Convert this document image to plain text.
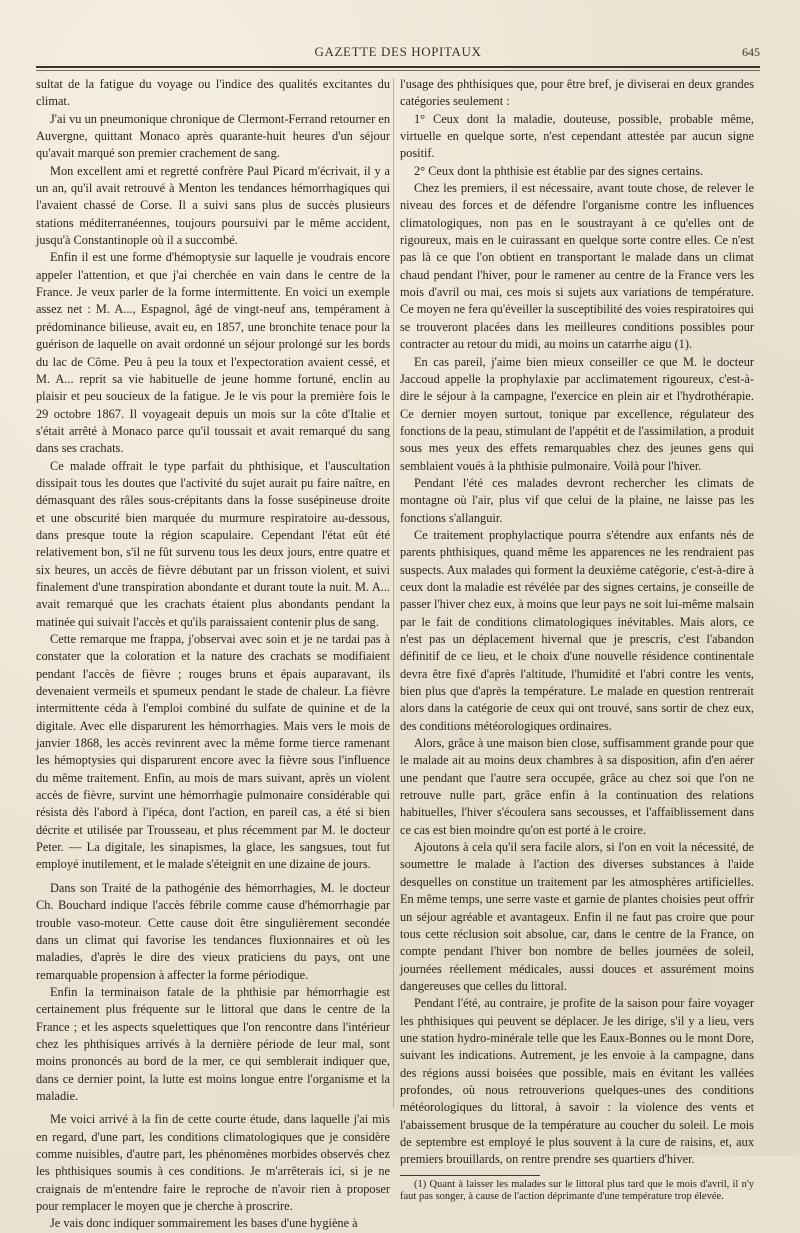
GAZETTE DES HOPITAUX	645

sultat de la fatigue du voyage ou l'indice des qualités excitantes du climat.

J'ai vu un pneumonique chronique de Clermont-Ferrand retourner en Auvergne, quittant Monaco après quarante-huit heures d'un séjour qu'avait marqué son premier crachement de sang.

Mon excellent ami et regretté confrère Paul Picard m'écrivait, il y a un an, qu'il avait retrouvé à Menton les tendances hémorrhagiques qui l'avaient chassé de Corse. Il a suivi sans plus de succès plusieurs stations méditerranéennes, toujours poursuivi par le même accident, jusqu'à Constantinople où il a succombé.

Enfin il est une forme d'hémoptysie sur laquelle je voudrais encore appeler l'attention, et que j'ai cherchée en vain dans le centre de la France. Je veux parler de la forme intermittente. En voici un exemple assez net : M. A..., Espagnol, âgé de vingt-neuf ans, tempérament à prédominance bilieuse, avait eu, en 1857, une bronchite tenace pour la guérison de laquelle on avait ordonné un séjour prolongé sur les bords du lac de Côme. Peu à peu la toux et l'expectoration avaient cessé, et M. A... reprit sa vie habituelle de jeune homme fortuné, enclin au plaisir et peu soucieux de la fatigue. Je le vis pour la première fois le 29 octobre 1867. Il voyageait depuis un mois sur la côte d'Italie et s'était arrêté à Monaco parce qu'il toussait et avait remarqué du sang dans ses crachats.

Ce malade offrait le type parfait du phthisique, et l'auscultation dissipait tous les doutes que l'activité du sujet aurait pu faire naître, en démasquant des râles sous-crépitants dans la fosse susépineuse droite et une obscurité bien marquée du murmure respiratoire au-dessous, dans presque toute la région scapulaire. Cependant l'état eût été relativement bon, s'il ne fût survenu tous les deux jours, entre quatre et six heures, un accès de fièvre débutant par un frisson violent, et suivi finalement d'une transpiration abondante et durant toute la nuit. M. A... avait remarqué que les crachats étaient plus abondants pendant la matinée qui suivait l'accès et qu'ils paraissaient contenir plus de sang.

Cette remarque me frappa, j'observai avec soin et je ne tardai pas à constater que la coloration et la nature des crachats se modifiaient pendant l'accès de fièvre ; rouges bruns et épais auparavant, ils devenaient vermeils et spumeux pendant le stade de chaleur. La fièvre intermittente céda à l'emploi combiné du sulfate de quinine et de la digitale. Avec elle disparurent les hémorrhagies. Mais vers le mois de janvier 1868, les accès revinrent avec la même forme tierce ramenant les hémoptysies qui disparurent encore avec la fièvre sous l'influence du même traitement. Enfin, au mois de mars suivant, après un violent accès de fièvre, survint une hémorrhagie pulmonaire considérable qui résista dès l'abord à l'ipéca, dont l'action, en pareil cas, a été si bien décrite et utilisée par Trousseau, et plus récemment par M. le docteur Peter. — La digitale, les sinapismes, la glace, les sangsues, tout fut employé inutilement, et le malade s'éteignit en une dizaine de jours.

Dans son Traité de la pathogénie des hémorrhagies, M. le docteur Ch. Bouchard indique l'accès fébrile comme cause d'hémorrhagie par trouble vaso-moteur. Cette cause doit être singulièrement secondée dans un climat qui favorise les tendances fluxionnaires et où les maladies, d'après le dire des vieux praticiens du pays, ont une remarquable propension à affecter la forme périodique.

Enfin la terminaison fatale de la phthisie par hémorrhagie est certainement plus fréquente sur le littoral que dans le centre de la France ; et les aspects squelettiques que l'on rencontre dans l'intérieur chez les phthisiques arrivés à la dernière période de leur mal, sont moins prononcés au bord de la mer, ce qui semblerait indiquer que, dans ce dernier point, la lutte est moins longue entre l'organisme et la maladie.

Me voici arrivé à la fin de cette courte étude, dans laquelle j'ai mis en regard, d'une part, les conditions climatologiques que je considère comme nuisibles, d'autre part, les phénomènes morbides observés chez les phthisiques soumis à ces conditions. Je m'arrêterais ici, si je ne craignais de m'entendre faire le reproche de n'avoir rien à proposer pour remplacer le moyen que je cherche à proscrire.

Je vais donc indiquer sommairement les bases d'une hygiène à

l'usage des phthisiques que, pour être bref, je diviserai en deux grandes catégories seulement :

1° Ceux dont la maladie, douteuse, possible, probable même, virtuelle en quelque sorte, n'est cependant attestée par aucun signe positif.

2° Ceux dont la phthisie est établie par des signes certains.

Chez les premiers, il est nécessaire, avant toute chose, de relever le niveau des forces et de défendre l'organisme contre les influences climatologiques, non pas en le soustrayant à ce qu'elles ont de rigoureux, mais en le cuirassant en quelque sorte contre elles. Ce n'est pas là ce que l'on obtient en transportant le malade dans un climat chaud pendant l'hiver, pour le ramener au centre de la France vers les mois d'avril ou mai, ces mois si sujets aux variations de température. Ce moyen ne fera qu'éveiller la susceptibilité des voies respiratoires qui se trouveront placées dans les meilleures conditions possibles pour contracter au retour du midi, au moins un catarrhe aigu (1).

En cas pareil, j'aime bien mieux conseiller ce que M. le docteur Jaccoud appelle la prophylaxie par acclimatement rigoureux, c'est-à-dire le séjour à la campagne, l'exercice en plein air et l'hydrothérapie. Ce dernier moyen surtout, tonique par excellence, régulateur des fonctions de la peau, stimulant de l'appétit et de l'assimilation, a produit sous mes yeux des effets remarquables chez des jeunes gens qui semblaient voués à la phthisie pulmonaire. Voilà pour l'hiver.

Pendant l'été ces malades devront rechercher les climats de montagne où l'air, plus vif que celui de la plaine, ne laisse pas les fonctions s'allanguir.

Ce traitement prophylactique pourra s'étendre aux enfants nés de parents phthisiques, quand même les apparences ne les rendraient pas suspects. Aux malades qui forment la deuxième catégorie, c'est-à-dire à ceux dont la maladie est révélée par des signes certains, je conseille de passer l'hiver chez eux, à moins que leur pays ne soit lui-même malsain par le fait de conditions climatologiques inévitables. Mais alors, ce n'est pas un déplacement hivernal que je prescris, c'est l'abandon définitif de ce lieu, et le choix d'une nouvelle résidence continentale devra être fixé d'après l'altitude, l'humidité et l'abri contre les vents, bien plus que d'après la température. Le malade en question rentrerait alors dans la catégorie de ceux qui ont trouvé, sans sortir de chez eux, des conditions météorologiques ordinaires.

Alors, grâce à une maison bien close, suffisamment grande pour que le malade ait au moins deux chambres à sa disposition, afin d'en aérer une pendant que l'autre sera occupée, grâce au chez soi que l'on ne retrouve nulle part, grâce enfin à la continuation des relations habituelles, l'hiver s'écoulera sans secousses, et l'affaiblissement dans ce cas est bien moindre qu'on est porté à le croire.

Ajoutons à cela qu'il sera facile alors, si l'on en voit la nécessité, de soumettre le malade à l'action des diverses substances à l'aide desquelles on constitue un traitement par les atmosphères artificielles. En même temps, une serre vaste et garnie de plantes choisies peut offrir un séjour agréable et avantageux. Enfin il ne faut pas croire que pour tous cette réclusion soit absolue, car, dans le centre de la France, on compte pendant l'hiver bon nombre de belles journées de soleil, journées réellement médicales, aussi douces et assurément moins dangereuses que celles du littoral.

Pendant l'été, au contraire, je profite de la saison pour faire voyager les phthisiques qui peuvent se déplacer. Je les dirige, s'il y a lieu, vers une station hydro-minérale telle que les Eaux-Bonnes ou le mont Dore, suivant les indications. Autrement, je les envoie à la campagne, dans des régions aussi boisées que possible, mais en évitant les vallées profondes, où nous retrouverions quelques-unes des conditions météorologiques du littoral, à savoir : la violence des vents et l'abaissement brusque de la température au coucher du soleil. Le mois de septembre est employé le plus souvent à la cure de raisins, et, aux premiers brouillards, on rentre prendre ses quartiers d'hiver.

(1) Quant à laisser les malades sur le littoral plus tard que le mois d'avril, il n'y faut pas songer, à cause de l'action déprimante d'une température trop élevée.
